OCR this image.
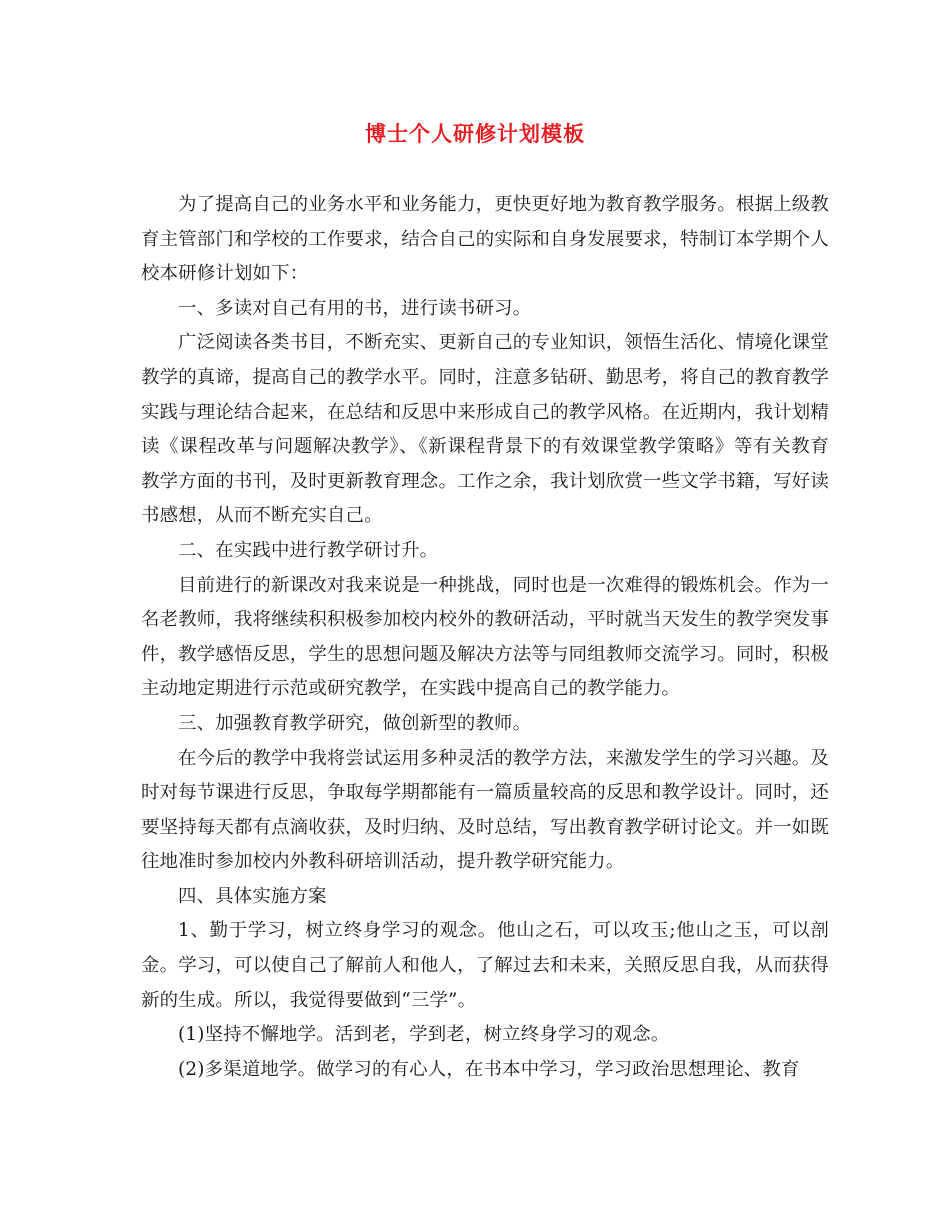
博士个人研修计划模板

为了提高自己的业务水平和业务能力，更快更好地为教育教学服务。根据上级教育主管部门和学校的工作要求，结合自己的实际和自身发展要求，特制订本学期个人校本研修计划如下：

一、多读对自己有用的书，进行读书研习。

广泛阅读各类书目，不断充实、更新自己的专业知识，领悟生活化、情境化课堂教学的真谛，提高自己的教学水平。同时，注意多钻研、勤思考，将自己的教育教学实践与理论结合起来，在总结和反思中来形成自己的教学风格。在近期内，我计划精读《课程改革与问题解决教学》、《新课程背景下的有效课堂教学策略》等有关教育教学方面的书刊，及时更新教育理念。工作之余，我计划欣赏一些文学书籍，写好读书感想，从而不断充实自己。

二、在实践中进行教学研讨升。

目前进行的新课改对我来说是一种挑战，同时也是一次难得的锻炼机会。作为一名老教师，我将继续积积极参加校内校外的教研活动，平时就当天发生的教学突发事件，教学感悟反思，学生的思想问题及解决方法等与同组教师交流学习。同时，积极主动地定期进行示范或研究教学，在实践中提高自己的教学能力。

三、加强教育教学研究，做创新型的教师。

在今后的教学中我将尝试运用多种灵活的教学方法，来激发学生的学习兴趣。及时对每节课进行反思，争取每学期都能有一篇质量较高的反思和教学设计。同时，还要坚持每天都有点滴收获，及时归纳、及时总结，写出教育教学研讨论文。并一如既往地准时参加校内外教科研培训活动，提升教学研究能力。

四、具体实施方案

1、勤于学习，树立终身学习的观念。他山之石，可以攻玉;他山之玉，可以剖金。学习，可以使自己了解前人和他人，了解过去和未来，关照反思自我，从而获得新的生成。所以，我觉得要做到“三学”。

(1)坚持不懈地学。活到老，学到老，树立终身学习的观念。

(2)多渠道地学。做学习的有心人，在书本中学习，学习政治思想理论、教育
